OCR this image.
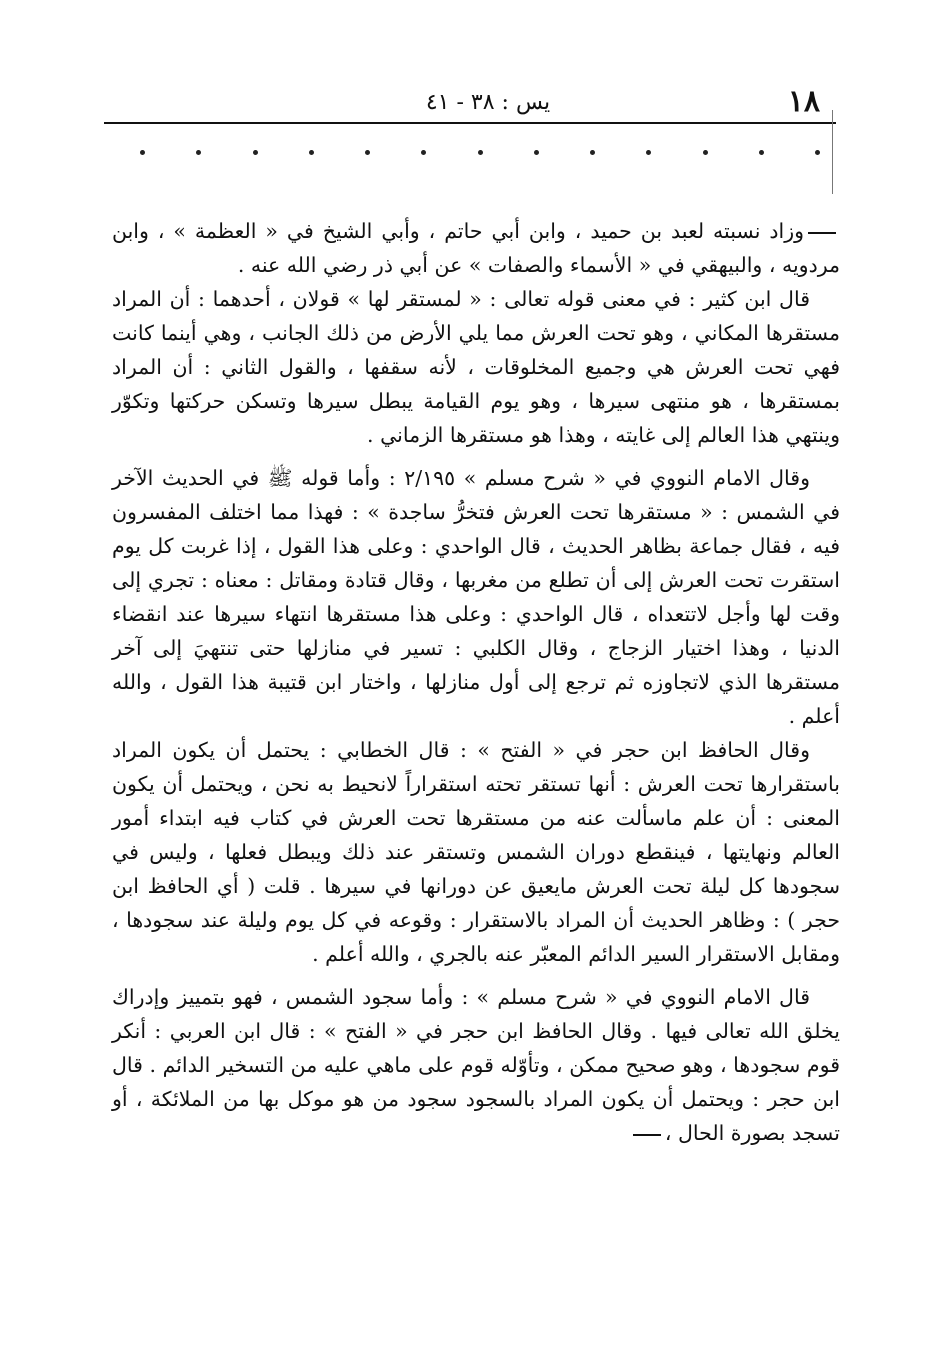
١٨
يس : ٣٨ - ٤١

وزاد نسبته لعبد بن حميد ، وابن أبي حاتم ، وأبي الشيخ في « العظمة » ، وابن مردويه ، والبيهقي في « الأسماء والصفات » عن أبي ذر رضي الله عنه .

قال ابن كثير : في معنى قوله تعالى : « لمستقر لها » قولان ، أحدهما : أن المراد مستقرها المكاني ، وهو تحت العرش مما يلي الأرض من ذلك الجانب ، وهي أينما كانت فهي تحت العرش هي وجميع المخلوقات ، لأنه سقفها ، والقول الثاني : أن المراد بمستقرها ، هو منتهى سيرها ، وهو يوم القيامة يبطل سيرها وتسكن حركتها وتكوّر وينتهي هذا العالم إلى غايته ، وهذا هو مستقرها الزماني .

وقال الامام النووي في « شرح مسلم » ٢/١٩٥ : وأما قوله ﷺ في الحديث الآخر في الشمس : « مستقرها تحت العرش فتخرُّ ساجدة » : فهذا مما اختلف المفسرون فيه ، فقال جماعة بظاهر الحديث ، قال الواحدي : وعلى هذا القول ، إذا غربت كل يوم استقرت تحت العرش إلى أن تطلع من مغربها ، وقال قتادة ومقاتل : معناه : تجري إلى وقت لها وأجل لاتتعداه ، قال الواحدي : وعلى هذا مستقرها انتهاء سيرها عند انقضاء الدنيا ، وهذا اختيار الزجاج ، وقال الكلبي : تسير في منازلها حتى تنتهيَ إلى آخر مستقرها الذي لاتجاوزه ثم ترجع إلى أول منازلها ، واختار ابن قتيبة هذا القول ، والله أعلم .

وقال الحافظ ابن حجر في « الفتح » : قال الخطابي : يحتمل أن يكون المراد باستقرارها تحت العرش : أنها تستقر تحته استقراراً لانحيط به نحن ، ويحتمل أن يكون المعنى : أن علم ماسألت عنه من مستقرها تحت العرش في كتاب فيه ابتداء أمور العالم ونهايتها ، فينقطع دوران الشمس وتستقر عند ذلك ويبطل فعلها ، وليس في سجودها كل ليلة تحت العرش مايعيق عن دورانها في سيرها . قلت ( أي الحافظ ابن حجر ) : وظاهر الحديث أن المراد بالاستقرار : وقوعه في كل يوم وليلة عند سجودها ، ومقابل الاستقرار السير الدائم المعبّر عنه بالجري ، والله أعلم .

قال الامام النووي في « شرح مسلم » : وأما سجود الشمس ، فهو بتمييز وإدراك يخلق الله تعالى فيها . وقال الحافظ ابن حجر في « الفتح » : قال ابن العربي : أنكر قوم سجودها ، وهو صحيح ممكن ، وتأوّله قوم على ماهي عليه من التسخير الدائم . قال ابن حجر : ويحتمل أن يكون المراد بالسجود سجود من هو موكل بها من الملائكة ، أو تسجد بصورة الحال ،
